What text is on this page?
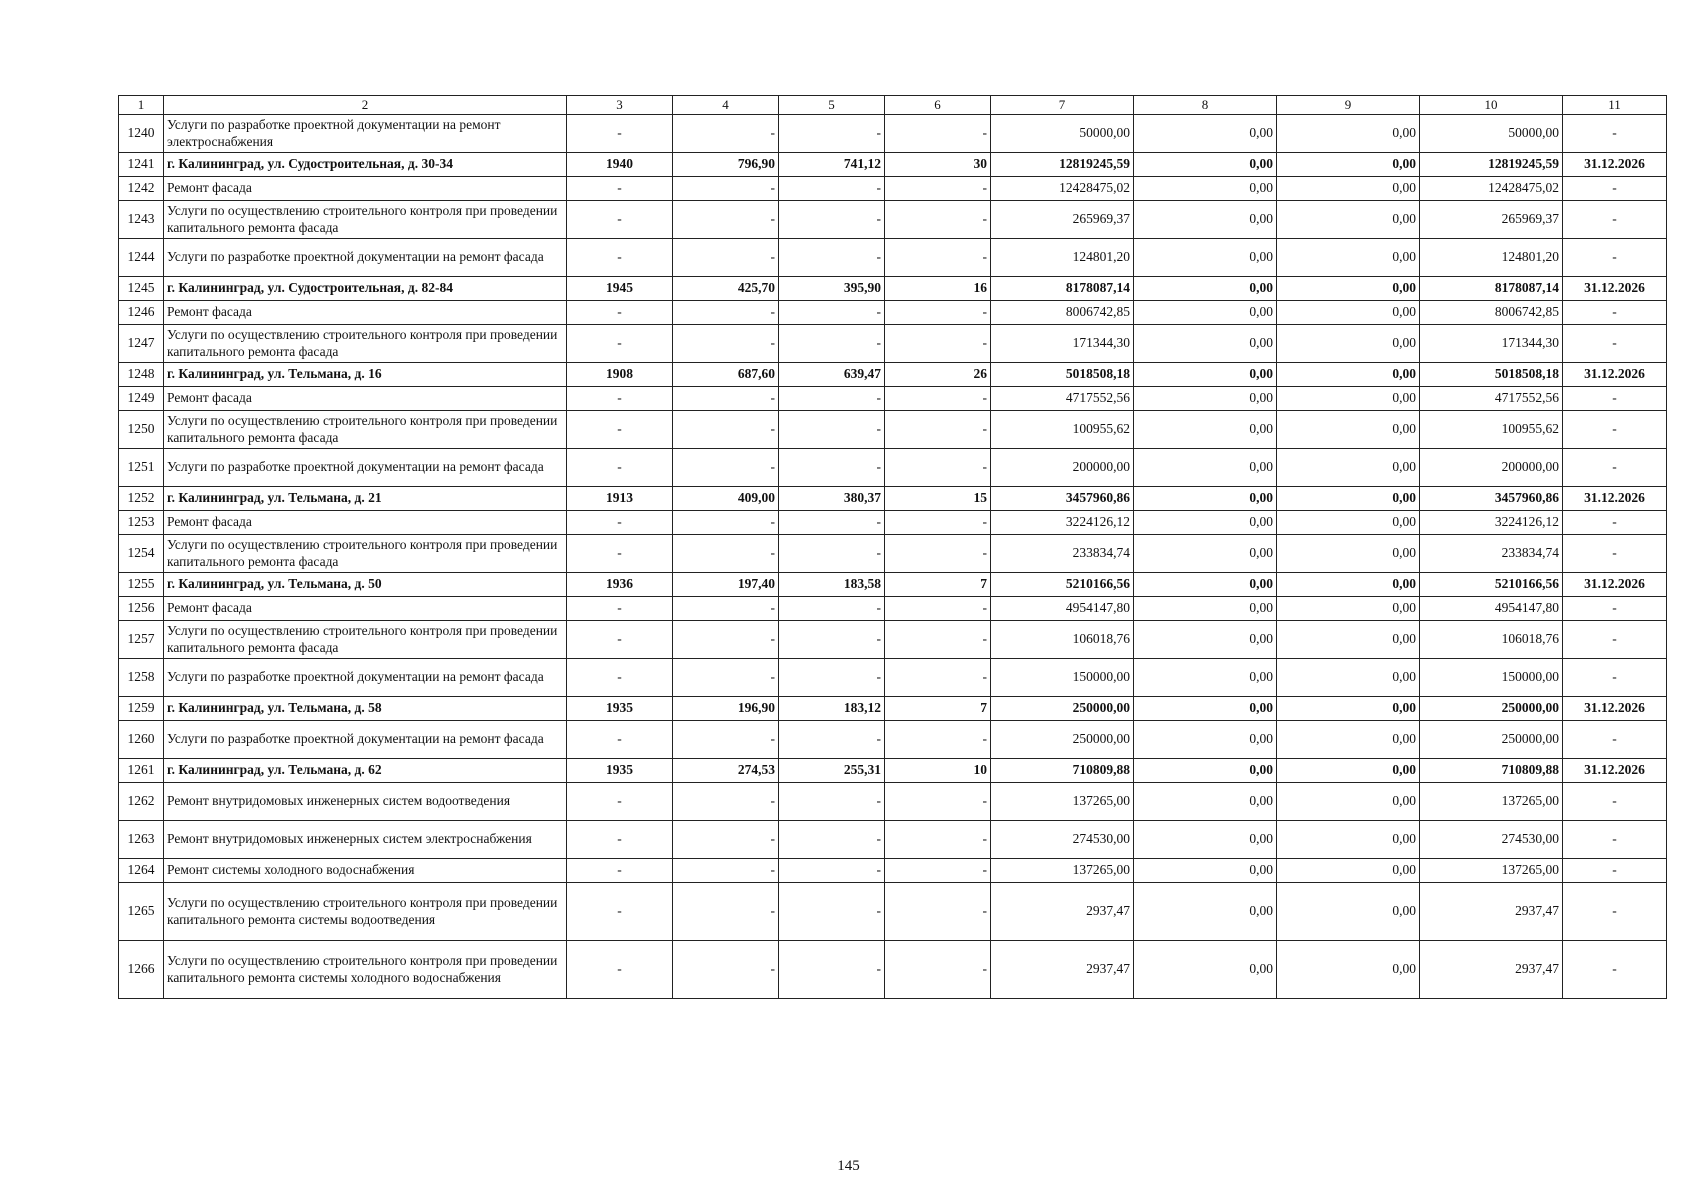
1	2	3	4	5	6	7	8	9	10	11
1240	Услуги по разработке проектной документации на ремонт электроснабжения	-	-	-	-	50000,00	0,00	0,00	50000,00	-
1241	г. Калининград, ул. Судостроительная, д. 30-34	1940	796,90	741,12	30	12819245,59	0,00	0,00	12819245,59	31.12.2026
1242	Ремонт фасада	-	-	-	-	12428475,02	0,00	0,00	12428475,02	-
1243	Услуги по осуществлению строительного контроля при проведении капитального ремонта фасада	-	-	-	-	265969,37	0,00	0,00	265969,37	-
1244	Услуги по разработке проектной документации на ремонт фасада	-	-	-	-	124801,20	0,00	0,00	124801,20	-
1245	г. Калининград, ул. Судостроительная, д. 82-84	1945	425,70	395,90	16	8178087,14	0,00	0,00	8178087,14	31.12.2026
1246	Ремонт фасада	-	-	-	-	8006742,85	0,00	0,00	8006742,85	-
1247	Услуги по осуществлению строительного контроля при проведении капитального ремонта фасада	-	-	-	-	171344,30	0,00	0,00	171344,30	-
1248	г. Калининград, ул. Тельмана, д. 16	1908	687,60	639,47	26	5018508,18	0,00	0,00	5018508,18	31.12.2026
1249	Ремонт фасада	-	-	-	-	4717552,56	0,00	0,00	4717552,56	-
1250	Услуги по осуществлению строительного контроля при проведении капитального ремонта фасада	-	-	-	-	100955,62	0,00	0,00	100955,62	-
1251	Услуги по разработке проектной документации на ремонт фасада	-	-	-	-	200000,00	0,00	0,00	200000,00	-
1252	г. Калининград, ул. Тельмана, д. 21	1913	409,00	380,37	15	3457960,86	0,00	0,00	3457960,86	31.12.2026
1253	Ремонт фасада	-	-	-	-	3224126,12	0,00	0,00	3224126,12	-
1254	Услуги по осуществлению строительного контроля при проведении капитального ремонта фасада	-	-	-	-	233834,74	0,00	0,00	233834,74	-
1255	г. Калининград, ул. Тельмана, д. 50	1936	197,40	183,58	7	5210166,56	0,00	0,00	5210166,56	31.12.2026
1256	Ремонт фасада	-	-	-	-	4954147,80	0,00	0,00	4954147,80	-
1257	Услуги по осуществлению строительного контроля при проведении капитального ремонта фасада	-	-	-	-	106018,76	0,00	0,00	106018,76	-
1258	Услуги по разработке проектной документации на ремонт фасада	-	-	-	-	150000,00	0,00	0,00	150000,00	-
1259	г. Калининград, ул. Тельмана, д. 58	1935	196,90	183,12	7	250000,00	0,00	0,00	250000,00	31.12.2026
1260	Услуги по разработке проектной документации на ремонт фасада	-	-	-	-	250000,00	0,00	0,00	250000,00	-
1261	г. Калининград, ул. Тельмана, д. 62	1935	274,53	255,31	10	710809,88	0,00	0,00	710809,88	31.12.2026
1262	Ремонт внутридомовых инженерных систем водоотведения	-	-	-	-	137265,00	0,00	0,00	137265,00	-
1263	Ремонт внутридомовых инженерных систем электроснабжения	-	-	-	-	274530,00	0,00	0,00	274530,00	-
1264	Ремонт системы холодного водоснабжения	-	-	-	-	137265,00	0,00	0,00	137265,00	-
1265	Услуги по осуществлению строительного контроля при проведении капитального ремонта системы водоотведения	-	-	-	-	2937,47	0,00	0,00	2937,47	-
1266	Услуги по осуществлению строительного контроля при проведении капитального ремонта системы холодного водоснабжения	-	-	-	-	2937,47	0,00	0,00	2937,47	-
145
